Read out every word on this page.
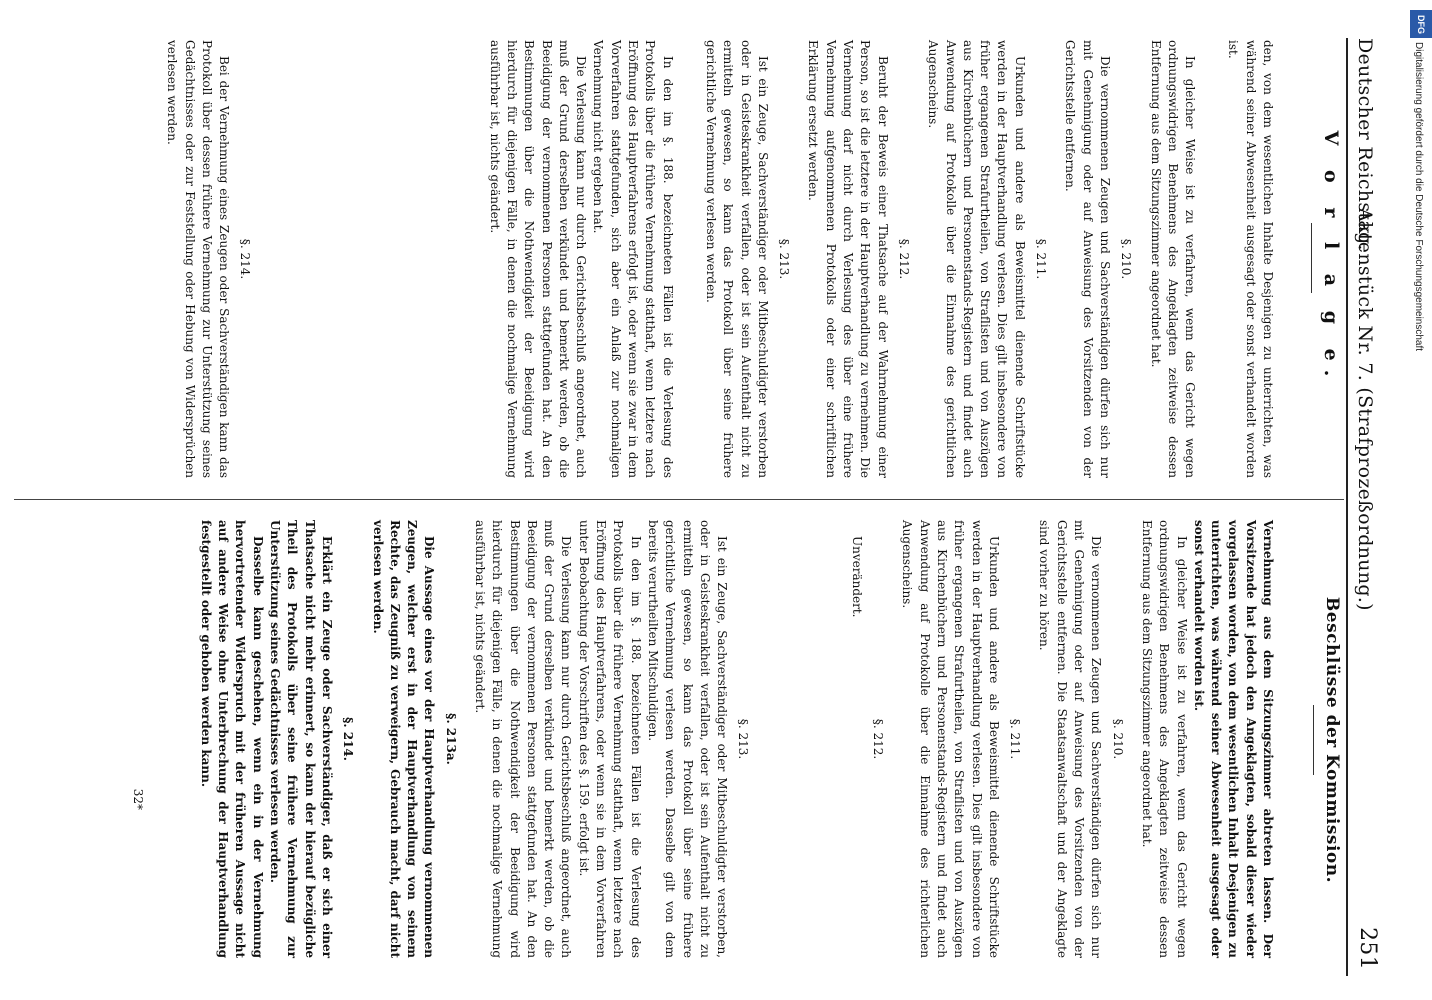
Deutscher Reichstag.
Aktenstück Nr. 7. (Strafprozeßordnung.)
251
V o r l a g e.
Beschlüsse der Kommission.

den, von dem wesentlichen Inhalte Desjenigen zu unterrichten, was während seiner Abwesenheit ausgesagt oder sonst verhandelt worden ist.

In gleicher Weise ist zu verfahren, wenn das Gericht wegen ordnungswidrigen Benehmens des Angeklagten zeitweise dessen Entfernung aus dem Sitzungszimmer angeordnet hat.

§. 210.

Die vernommenen Zeugen und Sachverständigen dürfen sich nur mit Genehmigung oder auf Anweisung des Vorsitzenden von der Gerichtsstelle entfernen.

§. 211.

Urkunden und andere als Beweismittel dienende Schriftstücke werden in der Hauptverhandlung verlesen. Dies gilt insbesondere von früher ergangenen Strafurtheilen, von Straflisten und von Auszügen aus Kirchenbüchern und Personenstands-Registern und findet auch Anwendung auf Protokolle über die Einnahme des gerichtlichen Augenscheins.

§. 212.

Beruht der Beweis einer Thatsache auf der Wahrnehmung einer Person, so ist die letztere in der Hauptverhandlung zu vernehmen. Die Vernehmung darf nicht durch Verlesung des über eine frühere Vernehmung aufgenommenen Protokolls oder einer schriftlichen Erklärung ersetzt werden.

§. 213.

Ist ein Zeuge, Sachverständiger oder Mitbeschuldigter verstorben oder in Geisteskrankheit verfallen, oder ist sein Aufenthalt nicht zu ermitteln gewesen, so kann das Protokoll über seine frühere gerichtliche Vernehmung verlesen werden.

In den im §. 188. bezeichneten Fällen ist die Verlesung des Protokolls über die frühere Vernehmung statthaft, wenn letztere nach Eröffnung des Hauptverfahrens erfolgt ist, oder wenn sie zwar in dem Vorverfahren stattgefunden, sich aber ein Anlaß zur nochmaligen Vernehmung nicht ergeben hat.

Die Verlesung kann nur durch Gerichtsbeschluß angeordnet, auch muß der Grund derselben verkündet und bemerkt werden, ob die Beeidigung der vernommenen Personen stattgefunden hat. An den Bestimmungen über die Nothwendigkeit der Beeidigung wird hierdurch für diejenigen Fälle, in denen die nochmalige Vernehmung ausführbar ist, nichts geändert.

§. 214.

Bei der Vernehmung eines Zeugen oder Sachverständigen kann das Protokoll über dessen frühere Vernehmung zur Unterstützung seines Gedächtnisses oder zur Feststellung oder Hebung von Widersprüchen verlesen werden.

Vernehmung aus dem Sitzungszimmer abtreten lassen. Der Vorsitzende hat jedoch den Angeklagten, sobald dieser wieder vorgelassen worden, von dem wesentlichen Inhalt Desjenigen zu unterrichten, was während seiner Abwesenheit ausgesagt oder sonst verhandelt worden ist.

In gleicher Weise ist zu verfahren, wenn das Gericht wegen ordnungswidrigen Benehmens des Angeklagten zeitweise dessen Entfernung aus dem Sitzungszimmer angeordnet hat.

§. 210.

Die vernommenen Zeugen und Sachverständigen dürfen sich nur mit Genehmigung oder auf Anweisung des Vorsitzenden von der Gerichtsstelle entfernen. Die Staatsanwaltschaft und der Angeklagte sind vorher zu hören.

§. 211.

Urkunden und andere als Beweismittel dienende Schriftstücke werden in der Hauptverhandlung verlesen. Dies gilt insbesondere von früher ergangenen Strafurtheilen, von Straflisten und von Auszügen aus Kirchenbüchern und Personenstands-Registern und findet auch Anwendung auf Protokolle über die Einnahme des richterlichen Augenscheins.

§. 212.

Unverändert.

§. 213.

Ist ein Zeuge, Sachverständiger oder Mitbeschuldigter verstorben, oder in Geisteskrankheit verfallen, oder ist sein Aufenthalt nicht zu ermitteln gewesen, so kann das Protokoll über seine frühere gerichtliche Vernehmung verlesen werden. Dasselbe gilt von dem bereits verurtheilten Mitschuldigen.

In den im §. 188. bezeichneten Fällen ist die Verlesung des Protokolls über die frühere Vernehmung statthaft, wenn letztere nach Eröffnung des Hauptverfahrens, oder wenn sie in dem Vorverfahren unter Beobachtung der Vorschriften des §. 159. erfolgt ist.

Die Verlesung kann nur durch Gerichtsbeschluß angeordnet, auch muß der Grund derselben verkündet und bemerkt werden, ob die Beeidigung der vernommenen Personen stattgefunden hat. An den Bestimmungen über die Nothwendigkeit der Beeidigung wird hierdurch für diejenigen Fälle, in denen die nochmalige Vernehmung ausführbar ist, nichts geändert.

§. 213a.

Die Aussage eines vor der Hauptverhandlung vernommenen Zeugen, welcher erst in der Hauptverhandlung von seinem Rechte, das Zeugniß zu verweigern, Gebrauch macht, darf nicht verlesen werden.

§. 214.

Erklärt ein Zeuge oder Sachverständiger, daß er sich einer Thatsache nicht mehr erinnert, so kann der hierauf bezügliche Theil des Protokolls über seine frühere Vernehmung zur Unterstützung seines Gedächtnisses verlesen werden.

Dasselbe kann geschehen, wenn ein in der Vernehmung hervortretender Widerspruch mit der früheren Aussage nicht auf andere Weise ohne Unterbrechung der Hauptverhandlung festgestellt oder gehoben werden kann.

32*
DFG
Digitalisierung gefördert durch die Deutsche Forschungsgemeinschaft
